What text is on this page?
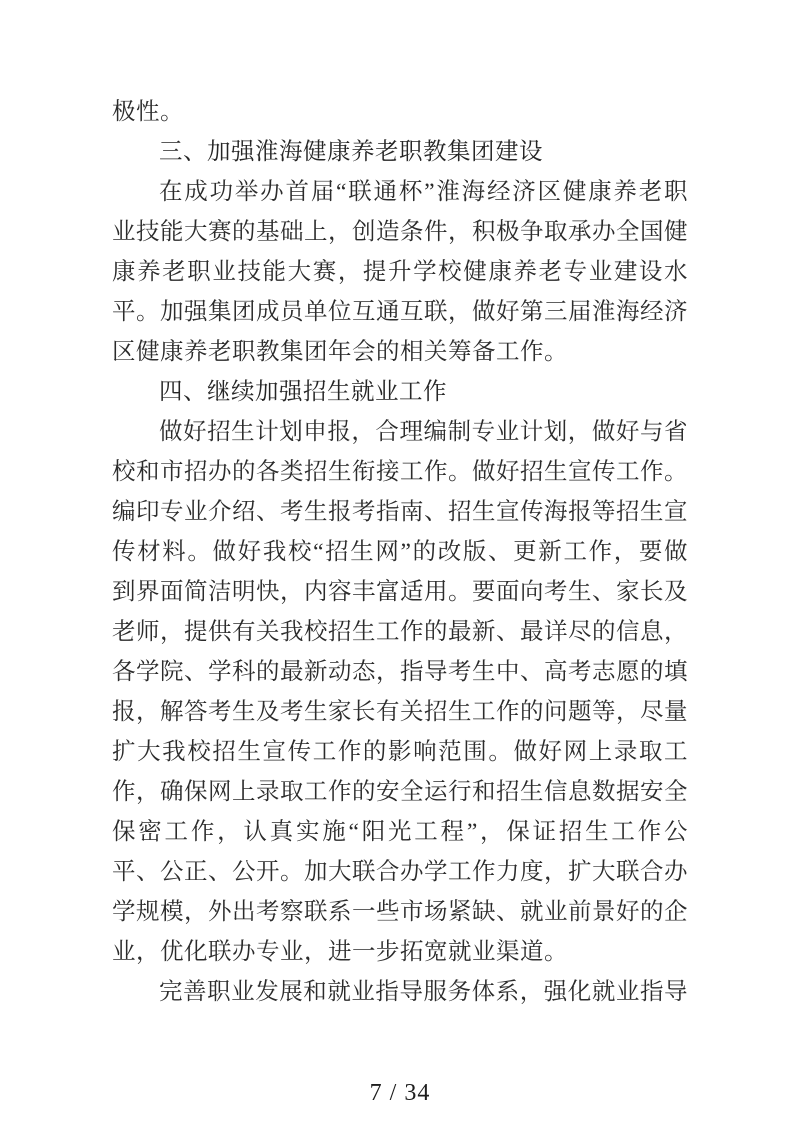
极性。
三、加强淮海健康养老职教集团建设
在成功举办首届“联通杯”淮海经济区健康养老职
业技能大赛的基础上，创造条件，积极争取承办全国健
康养老职业技能大赛，提升学校健康养老专业建设水
平。加强集团成员单位互通互联，做好第三届淮海经济
区健康养老职教集团年会的相关筹备工作。
四、继续加强招生就业工作
做好招生计划申报，合理编制专业计划，做好与省
校和市招办的各类招生衔接工作。做好招生宣传工作。
编印专业介绍、考生报考指南、招生宣传海报等招生宣
传材料。做好我校“招生网”的改版、更新工作，要做
到界面简洁明快，内容丰富适用。要面向考生、家长及
老师，提供有关我校招生工作的最新、最详尽的信息，
各学院、学科的最新动态，指导考生中、高考志愿的填
报，解答考生及考生家长有关招生工作的问题等，尽量
扩大我校招生宣传工作的影响范围。做好网上录取工
作，确保网上录取工作的安全运行和招生信息数据安全
保密工作，认真实施“阳光工程”，保证招生工作公
平、公正、公开。加大联合办学工作力度，扩大联合办
学规模，外出考察联系一些市场紧缺、就业前景好的企
业，优化联办专业，进一步拓宽就业渠道。
完善职业发展和就业指导服务体系，强化就业指导
7 / 34
